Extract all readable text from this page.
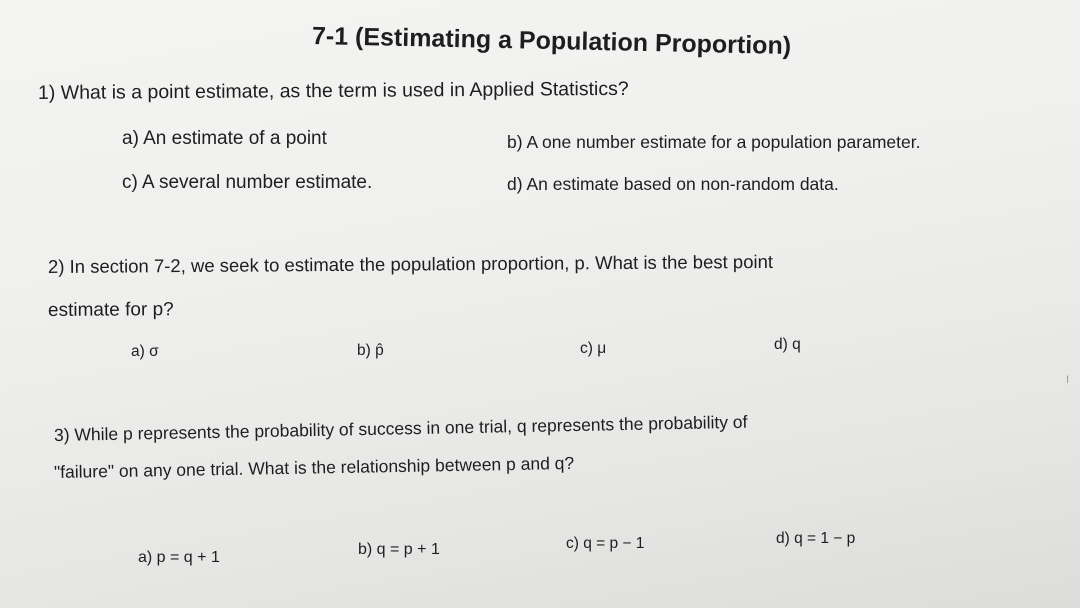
7-1 (Estimating a Population Proportion)
1) What is a point estimate, as the term is used in Applied Statistics?
a) An estimate of a point	b) A one number estimate for a population parameter.
c) A several number estimate.	d) An estimate based on non-random data.
2) In section 7-2, we seek to estimate the population proportion, p. What is the best point
estimate for p?
a) σ	b) p̂	c) μ	d) q
3) While p represents the probability of success in one trial, q represents the probability of
"failure" on any one trial. What is the relationship between p and q?
a) p = q + 1	b) q = p + 1	c) q = p − 1	d) q = 1 − p
I
